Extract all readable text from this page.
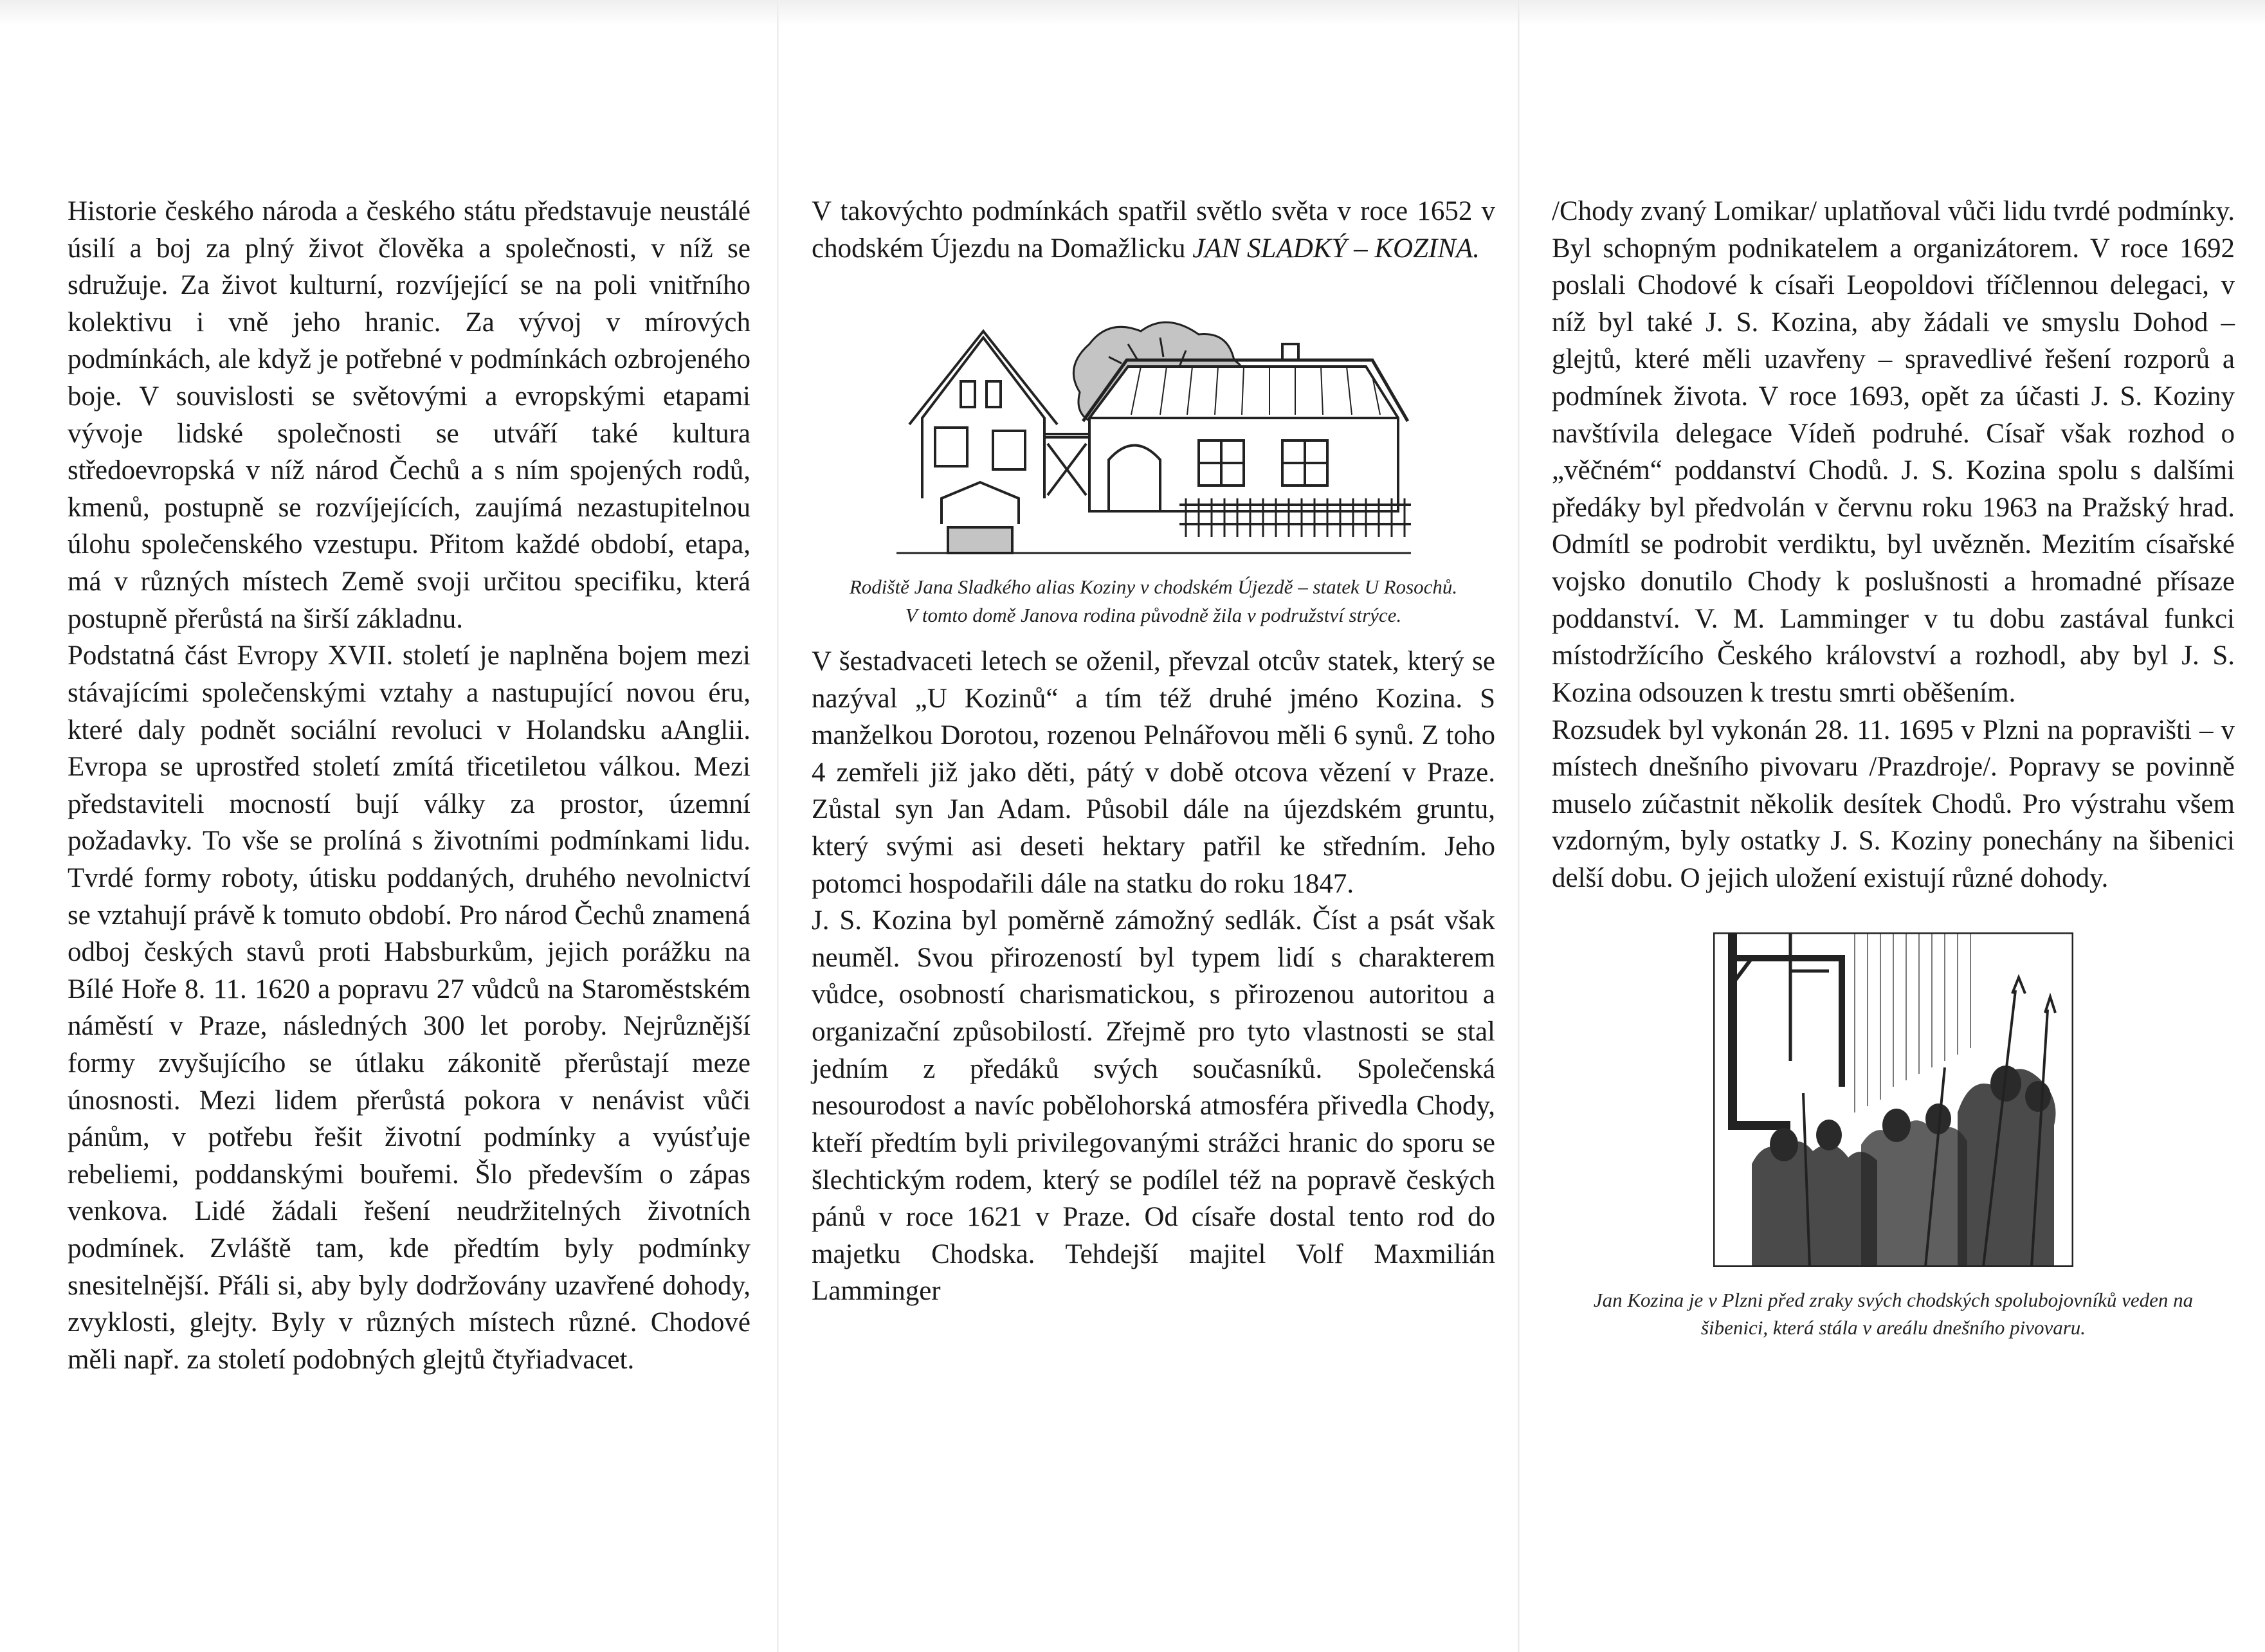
Historie českého národa a českého státu představuje neustálé úsilí a boj za plný život člověka a společnosti, v níž se sdružuje. Za život kulturní, rozvíjející se na poli vnitřního kolektivu i vně jeho hranic. Za vývoj v mírových podmínkách, ale když je potřebné v podmínkách ozbrojeného boje. V souvislosti se světovými a evropskými etapami vývoje lidské společnosti se utváří také kultura středoevropská v níž národ Čechů a s ním spojených rodů, kmenů, postupně se rozvíjejících, zaujímá nezastupitelnou úlohu společenského vzestupu. Přitom každé období, etapa, má v různých místech Země svoji určitou specifiku, která postupně přerůstá na širší základnu.

Podstatná část Evropy XVII. století je naplněna bojem mezi stávajícími společenskými vztahy a nastupující novou éru, které daly podnět sociální revoluci v Holandsku aAnglii. Evropa se uprostřed století zmítá třicetiletou válkou. Mezi představiteli mocností bují války za prostor, územní požadavky. To vše se prolíná s životními podmínkami lidu. Tvrdé formy roboty, útisku poddaných, druhého nevolnictví se vztahují právě k tomuto období. Pro národ Čechů znamená odboj českých stavů proti Habsburkům, jejich porážku na Bílé Hoře 8. 11. 1620 a popravu 27 vůdců na Staroměstském náměstí v Praze, následných 300 let poroby. Nejrůznější formy zvyšujícího se útlaku zákonitě přerůstají meze únosnosti. Mezi lidem přerůstá pokora v nenávist vůči pánům, v potřebu řešit životní podmínky a vyúsťuje rebeliemi, poddanskými bouřemi. Šlo především o zápas venkova. Lidé žádali řešení neudržitelných životních podmínek. Zvláště tam, kde předtím byly podmínky snesitelnější. Přáli si, aby byly dodržovány uzavřené dohody, zvyklosti, glejty. Byly v různých místech různé. Chodové měli např. za století podobných glejtů čtyřiadvacet.

V takovýchto podmínkách spatřil světlo světa v roce 1652 v chodském Újezdu na Domažlicku JAN SLADKÝ – KOZINA.

Rodiště Jana Sladkého alias Koziny v chodském Újezdě – statek U Rosochů. V tomto domě Janova rodina původně žila v podružství strýce.

V šestadvaceti letech se oženil, převzal otcův statek, který se nazýval „U Kozinů“ a tím též druhé jméno Kozina. S manželkou Dorotou, rozenou Pelnářovou měli 6 synů. Z toho 4 zemřeli již jako děti, pátý v době otcova vězení v Praze. Zůstal syn Jan Adam. Působil dále na újezdském gruntu, který svými asi deseti hektary patřil ke středním. Jeho potomci hospodařili dále na statku do roku 1847.

J. S. Kozina byl poměrně zámožný sedlák. Číst a psát však neuměl. Svou přirozeností byl typem lidí s charakterem vůdce, osobností charismatickou, s přirozenou autoritou a organizační způsobilostí. Zřejmě pro tyto vlastnosti se stal jedním z předáků svých současníků. Společenská nesourodost a navíc pobělohorská atmosféra přivedla Chody, kteří předtím byli privilegovanými strážci hranic do sporu se šlechtickým rodem, který se podílel též na popravě českých pánů v roce 1621 v Praze. Od císaře dostal tento rod do majetku Chodska. Tehdejší majitel Volf Maxmilián Lamminger

/Chody zvaný Lomikar/ uplatňoval vůči lidu tvrdé podmínky. Byl schopným podnikatelem a organizátorem. V roce 1692 poslali Chodové k císaři Leopoldovi tříčlennou delegaci, v níž byl také J. S. Kozina, aby žádali ve smyslu Dohod – glejtů, které měli uzavřeny – spravedlivé řešení rozporů a podmínek života. V roce 1693, opět za účasti J. S. Koziny navštívila delegace Vídeň podruhé. Císař však rozhod o „věčném“ poddanství Chodů. J. S. Kozina spolu s dalšími předáky byl předvolán v červnu roku 1963 na Pražský hrad. Odmítl se podrobit verdiktu, byl uvězněn. Mezitím císařské vojsko donutilo Chody k poslušnosti a hromadné přísaze poddanství. V. M. Lamminger v tu dobu zastával funkci místodržícího Českého království a rozhodl, aby byl J. S. Kozina odsouzen k trestu smrti oběšením.

Rozsudek byl vykonán 28. 11. 1695 v Plzni na popravišti – v místech dnešního pivovaru /Prazdroje/. Popravy se povinně muselo zúčastnit několik desítek Chodů. Pro výstrahu všem vzdorným, byly ostatky J. S. Koziny ponechány na šibenici delší dobu. O jejich uložení existují různé dohody.

Jan Kozina je v Plzni před zraky svých chodských spolubojovníků veden na šibenici, která stála v areálu dnešního pivovaru.
